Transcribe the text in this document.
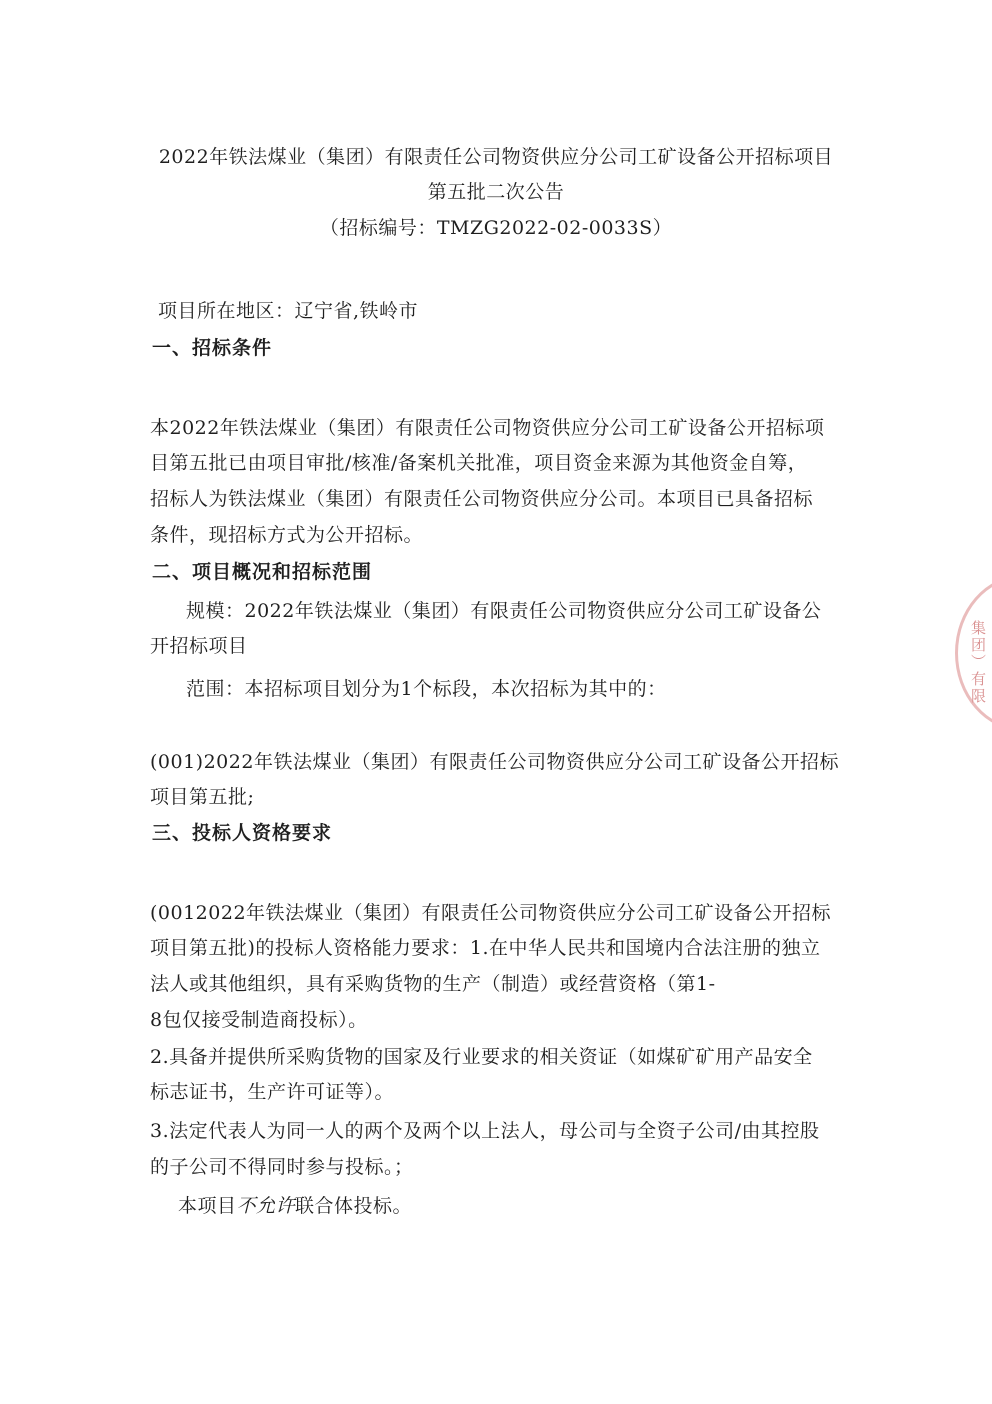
2022年铁法煤业（集团）有限责任公司物资供应分公司工矿设备公开招标项目
第五批二次公告
（招标编号：TMZG2022-02-0033S）
项目所在地区：辽宁省,铁岭市
一、招标条件
本2022年铁法煤业（集团）有限责任公司物资供应分公司工矿设备公开招标项
目第五批已由项目审批/核准/备案机关批准，项目资金来源为其他资金自筹，
招标人为铁法煤业（集团）有限责任公司物资供应分公司。本项目已具备招标
条件，现招标方式为公开招标。
二、项目概况和招标范围
规模：2022年铁法煤业（集团）有限责任公司物资供应分公司工矿设备公
开招标项目
范围：本招标项目划分为1个标段，本次招标为其中的：
(001)2022年铁法煤业（集团）有限责任公司物资供应分公司工矿设备公开招标
项目第五批;
三、投标人资格要求
(0012022年铁法煤业（集团）有限责任公司物资供应分公司工矿设备公开招标
项目第五批)的投标人资格能力要求：1.在中华人民共和国境内合法注册的独立
法人或其他组织，具有采购货物的生产（制造）或经营资格（第1-
8包仅接受制造商投标）。
2.具备并提供所采购货物的国家及行业要求的相关资证（如煤矿矿用产品安全
标志证书，生产许可证等）。
3.法定代表人为同一人的两个及两个以上法人，母公司与全资子公司/由其控股
的子公司不得同时参与投标。；
本项目不允许联合体投标。
集团）有限
